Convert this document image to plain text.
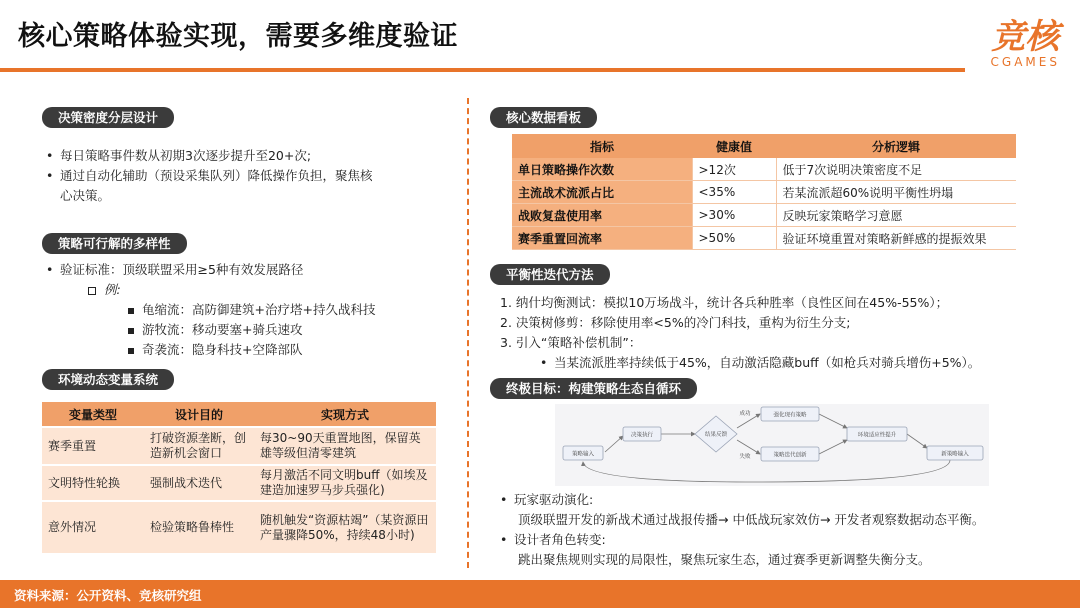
核心策略体验实现，需要多维度验证	竞核
CGAMES
决策密度分层设计
• 每日策略事件数从初期3次逐步提升至20+次;
• 通过自动化辅助（预设采集队列）降低操作负担，聚焦核
心决策。
策略可行解的多样性
• 验证标准：顶级联盟采用≥5种有效发展路径
例:
龟缩流：高防御建筑+治疗塔+持久战科技
游牧流：移动要塞+骑兵速攻
奇袭流：隐身科技+空降部队
环境动态变量系统
变量类型	设计目的	实现方式
赛季重置	打破资源垄断，创造新机会窗口	每30~90天重置地图，保留英雄等级但清零建筑
文明特性轮换	强制战术迭代	每月激活不同文明buff（如埃及建造加速罗马步兵强化)
意外情况	检验策略鲁棒性	随机触发“资源枯竭”（某资源田产量骤降50%，持续48小时)
核心数据看板
指标	健康值	分析逻辑
单日策略操作次数	>12次	低于7次说明决策密度不足
主流战术流派占比	<35%	若某流派超60%说明平衡性坍塌
战败复盘使用率	>30%	反映玩家策略学习意愿
赛季重置回流率	>50%	验证环境重置对策略新鲜感的提振效果
平衡性迭代方法
1. 纳什均衡测试：模拟10万场战斗，统计各兵种胜率（良性区间在45%-55%）；
2. 决策树修剪：移除使用率<5%的冷门科技，重构为衍生分支;
3. 引入“策略补偿机制”：
• 当某流派胜率持续低于45%，自动激活隐藏buff（如枪兵对骑兵增伤+5%）。
终极目标：构建策略生态自循环
策略输入
决策执行	结果反馈
强化现有策略
策略迭代创新
环境适应性提升
新策略输入
成功
失败
• 玩家驱动演化:
顶级联盟开发的新战术通过战报传播→ 中低战玩家效仿→ 开发者观察数据动态平衡。
• 设计者角色转变:
跳出聚焦规则实现的局限性，聚焦玩家生态，通过赛季更新调整失衡分支。
资料来源：公开资料、竞核研究组
